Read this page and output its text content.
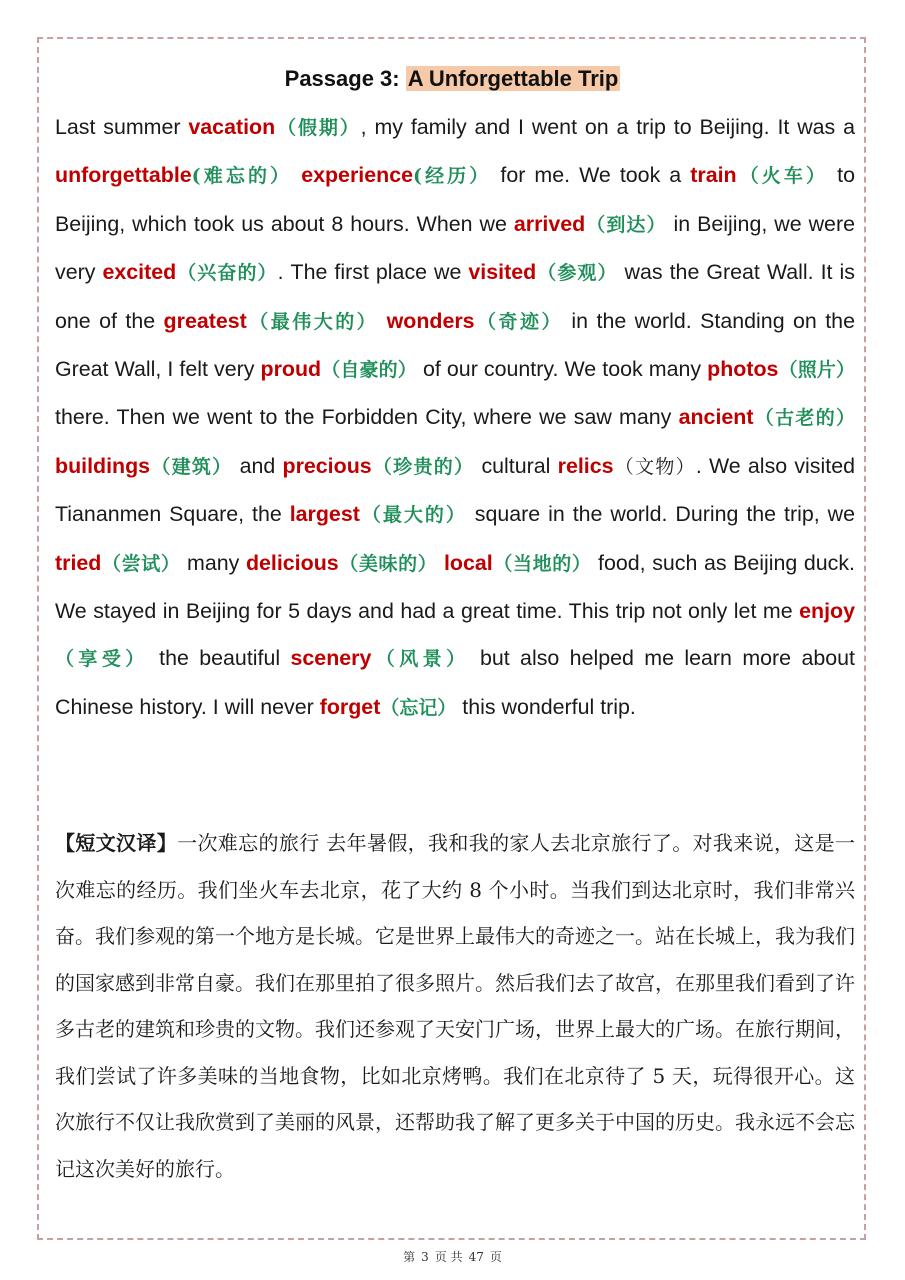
Passage 3: A Unforgettable Trip
Last summer vacation（假期）, my family and I went on a trip to Beijing. It was a unforgettable(难忘的） experience(经历） for me. We took a train（火车） to Beijing, which took us about 8 hours. When we arrived（到达） in Beijing, we were very excited（兴奋的）. The first place we visited（参观） was the Great Wall. It is one of the greatest（最伟大的） wonders（奇迹） in the world. Standing on the Great Wall, I felt very proud（自豪的） of our country. We took many photos（照片） there. Then we went to the Forbidden City, where we saw many ancient（古老的） buildings（建筑） and precious（珍贵的） cultural relics（文物）. We also visited Tiananmen Square, the largest（最大的） square in the world. During the trip, we tried（尝试） many delicious（美味的） local（当地的） food, such as Beijing duck. We stayed in Beijing for 5 days and had a great time. This trip not only let me enjoy（享受） the beautiful scenery（风景） but also helped me learn more about Chinese history. I will never forget（忘记） this wonderful trip.
【短文汉译】一次难忘的旅行 去年暑假，我和我的家人去北京旅行了。对我来说，这是一次难忘的经历。我们坐火车去北京，花了大约 8 个小时。当我们到达北京时，我们非常兴奋。我们参观的第一个地方是长城。它是世界上最伟大的奇迹之一。站在长城上，我为我们的国家感到非常自豪。我们在那里拍了很多照片。然后我们去了故宫，在那里我们看到了许多古老的建筑和珍贵的文物。我们还参观了天安门广场，世界上最大的广场。在旅行期间，我们尝试了许多美味的当地食物，比如北京烤鸭。我们在北京待了 5 天，玩得很开心。这次旅行不仅让我欣赏到了美丽的风景，还帮助我了解了更多关于中国的历史。我永远不会忘记这次美好的旅行。
第 3 页 共 47 页
